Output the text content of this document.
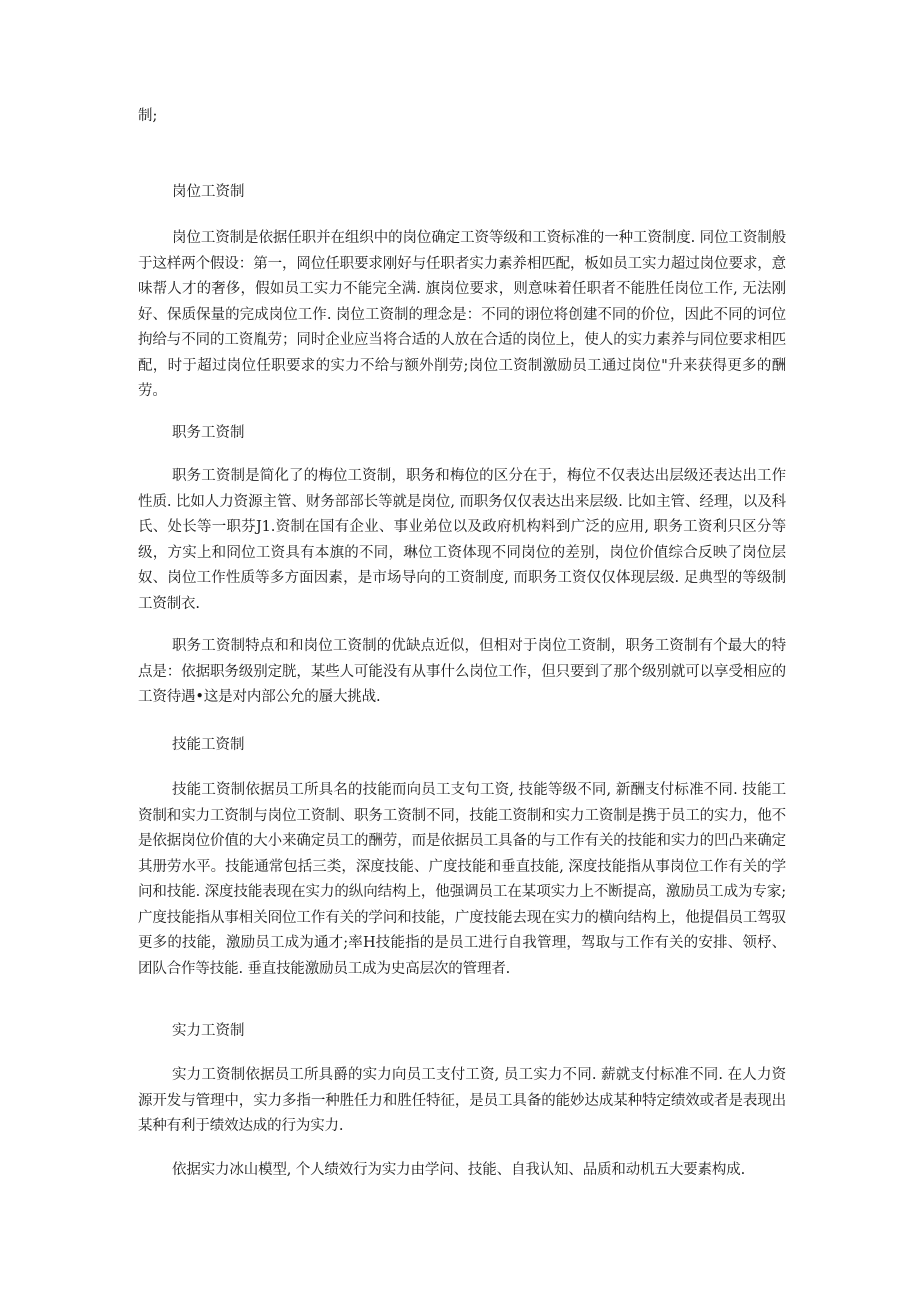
制;

岗位工资制

岗位工资制是依据任职并在组织中的岗位确定工资等级和工资标准的一种工资制度. 同位工资制般于这样两个假设：第一，岡位任职要求刚好与任职者实力素养相匹配，板如员工实力超过岗位要求，意味帮人才的奢侈，假如员工实力不能完全满. 旗岗位要求，则意味着任职者不能胜任岗位工作, 无法刚好、保质保量的完成岗位工作. 岗位工资制的理念是：不同的诩位将创建不同的价位，因此不同的诃位拘给与不同的工资胤劳；同时企业应当将合适的人放在合适的岗位上，使人的实力素养与同位要求相匹配，时于超过岗位任职要求的实力不给与额外削劳;岗位工资制激励员工通过岗位"升来获得更多的酬劳。

职务工资制

职务工资制是简化了的梅位工资制，职务和梅位的区分在于，梅位不仅表达出层级还表达出工作性质. 比如人力资源主管、财务部部长等就是岗位, 而职务仅仅表达出来层级. 比如主管、经理，以及科氏、处长等一职芬J1.资制在国有企业、事业弟位以及政府机构料到广泛的应用, 职务工资利只区分等级，方实上和冏位工资具有本旗的不同，琳位工资体现不同岗位的差别，岗位价值综合反映了岗位层奴、岗位工作性质等多方面因素，是市场导向的工资制度, 而职务工资仅仅体现层级. 足典型的等级制工资制衣.

职务工资制特点和和岗位工资制的优缺点近似，但相对于岗位工资制，职务工资制有个最大的特点是：依据职务级别定胱，某些人可能没有从事什么岗位工作，但只要到了那个级别就可以享受相应的工资待遇•这是对内部公允的蜃大挑战.

技能工资制

技能工资制依据员工所具名的技能而向员工支句工资, 技能等级不同, 新酬支付标准不同. 技能工资制和实力工资制与岗位工资制、职务工资制不同，技能工资制和实力工资制是携于员工的实力，他不是依据岗位价值的大小来确定员工的酬劳，而是依据员工具备的与工作有关的技能和实力的凹凸来确定其册劳水平。技能通常包括三类，深度技能、广度技能和垂直技能, 深度技能指从事岗位工作有关的学问和技能. 深度技能表现在实力的纵向结构上，他强调员工在某项实力上不断提高，激励员工成为专家;广度技能指从事相关冏位工作有关的学问和技能，广度技能去现在实力的横向结构上，他提倡员工驾驭更多的技能，激励员工成为通才;率H技能指的是员工进行自我管理，驾取与工作有关的安排、领杼、团队合作等技能. 垂直技能激励员工成为史高层次的管理者.

实力工资制

实力工资制依据员工所具爵的实力向员工支付工资, 员工实力不同. 薪就支付标准不同. 在人力资源开发与管理中，实力多指一种胜任力和胜任特征，是员工具备的能妙达成某种特定绩效或者是表现出某种有利于绩效达成的行为实力.

依据实力冰山模型, 个人绩效行为实力由学问、技能、自我认知、品质和动机五大要素构成.
